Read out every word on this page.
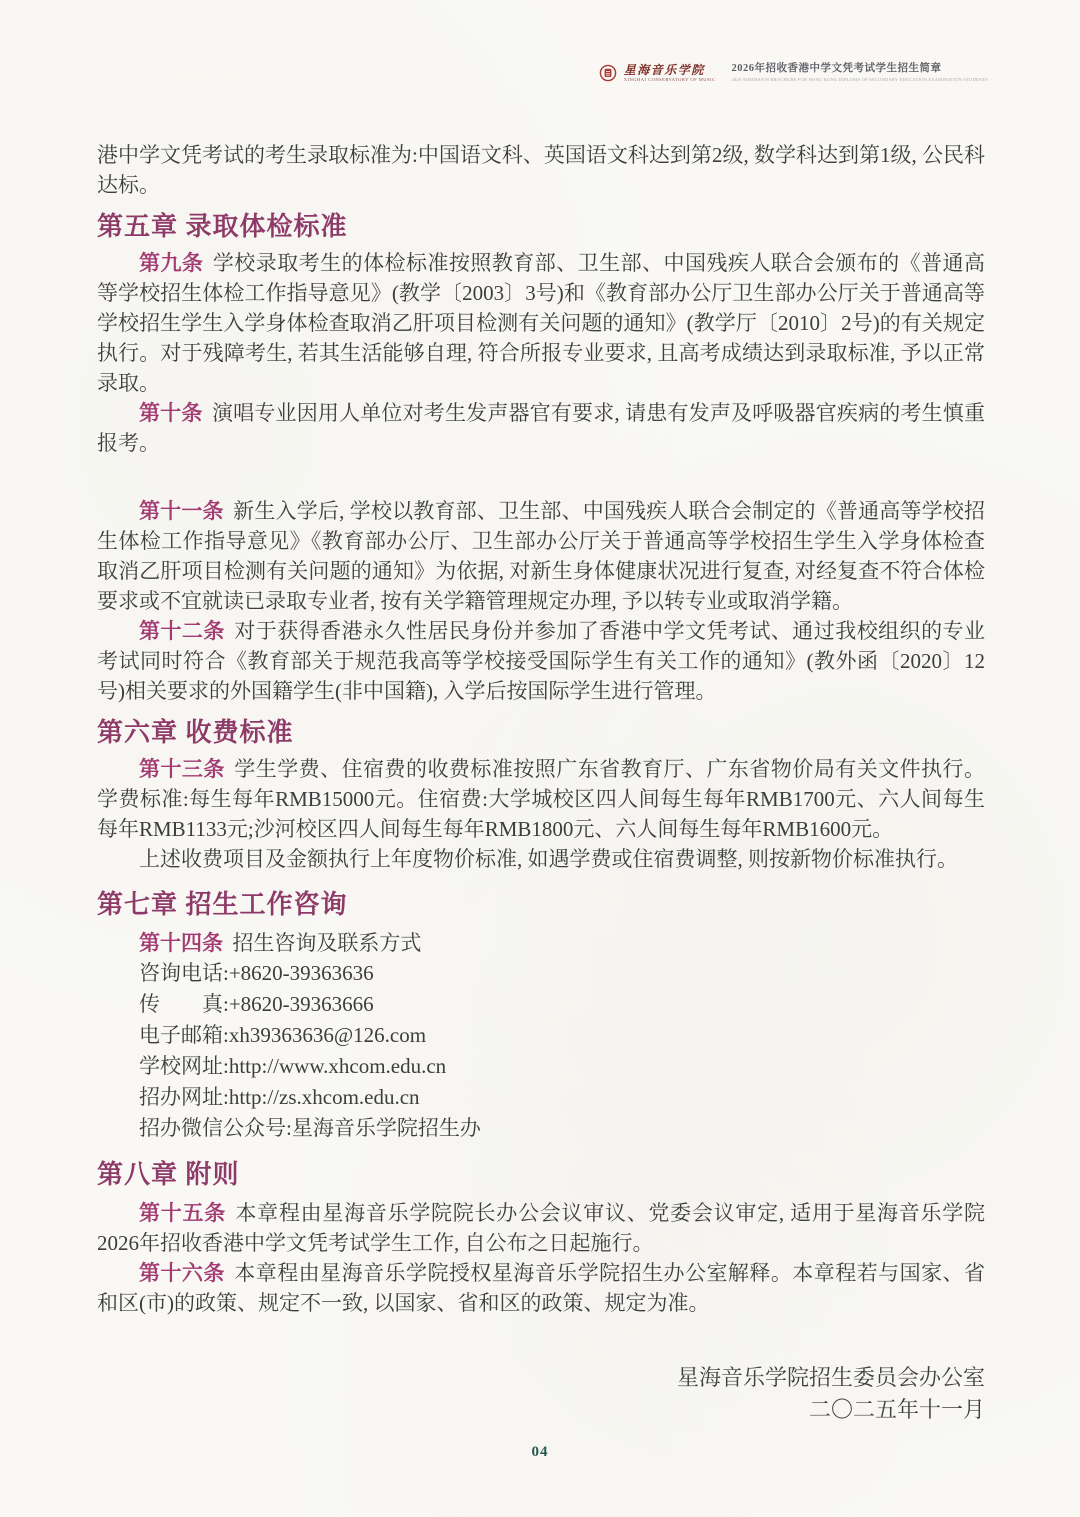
星海音乐学院
XINGHAI CONSERVATORY OF MUSIC
2026年招收香港中学文凭考试学生招生简章
2026 ADMISSION BROCHURE FOR HONG KONG DIPLOMA OF SECONDARY EDUCATION EXAMINATION STUDENTS

港中学文凭考试的考生录取标准为:中国语文科、英国语文科达到第2级, 数学科达到第1级, 公民科达标。

第五章 录取体检标准

第九条 学校录取考生的体检标准按照教育部、卫生部、中国残疾人联合会颁布的《普通高等学校招生体检工作指导意见》(教学〔2003〕3号)和《教育部办公厅卫生部办公厅关于普通高等学校招生学生入学身体检查取消乙肝项目检测有关问题的通知》(教学厅〔2010〕2号)的有关规定执行。对于残障考生, 若其生活能够自理, 符合所报专业要求, 且高考成绩达到录取标准, 予以正常录取。

第十条 演唱专业因用人单位对考生发声器官有要求, 请患有发声及呼吸器官疾病的考生慎重报考。

第十一条 新生入学后, 学校以教育部、卫生部、中国残疾人联合会制定的《普通高等学校招生体检工作指导意见》《教育部办公厅、卫生部办公厅关于普通高等学校招生学生入学身体检查取消乙肝项目检测有关问题的通知》为依据, 对新生身体健康状况进行复查, 对经复查不符合体检要求或不宜就读已录取专业者, 按有关学籍管理规定办理, 予以转专业或取消学籍。

第十二条 对于获得香港永久性居民身份并参加了香港中学文凭考试、通过我校组织的专业考试同时符合《教育部关于规范我高等学校接受国际学生有关工作的通知》(教外函〔2020〕12号)相关要求的外国籍学生(非中国籍), 入学后按国际学生进行管理。

第六章 收费标准

第十三条 学生学费、住宿费的收费标准按照广东省教育厅、广东省物价局有关文件执行。学费标准:每生每年RMB15000元。住宿费:大学城校区四人间每生每年RMB1700元、六人间每生每年RMB1133元;沙河校区四人间每生每年RMB1800元、六人间每生每年RMB1600元。

上述收费项目及金额执行上年度物价标准, 如遇学费或住宿费调整, 则按新物价标准执行。

第七章 招生工作咨询

第十四条 招生咨询及联系方式

咨询电话:+8620-39363636
传　　真:+8620-39363666
电子邮箱:xh39363636@126.com
学校网址:http://www.xhcom.edu.cn
招办网址:http://zs.xhcom.edu.cn
招办微信公众号:星海音乐学院招生办
第八章 附则

第十五条 本章程由星海音乐学院院长办公会议审议、党委会议审定, 适用于星海音乐学院2026年招收香港中学文凭考试学生工作, 自公布之日起施行。

第十六条 本章程由星海音乐学院授权星海音乐学院招生办公室解释。本章程若与国家、省和区(市)的政策、规定不一致, 以国家、省和区的政策、规定为准。

星海音乐学院招生委员会办公室
二〇二五年十一月
04
